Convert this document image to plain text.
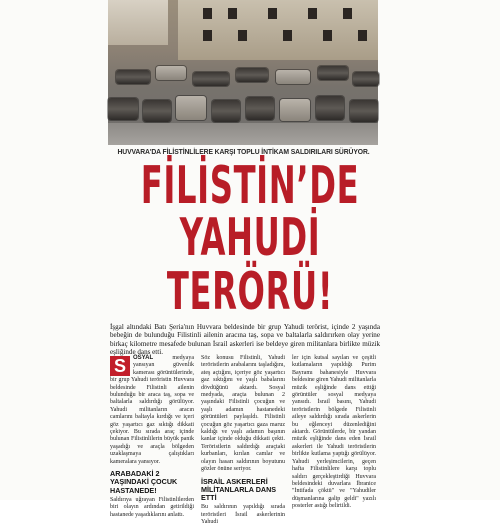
HUVVARA'DA FİLİSTİNLİLERE KARŞI TOPLU İNTİKAM SALDIRILARI SÜRÜYOR.
FİLİSTİN’DE
YAHUDİ
TERÖRÜ!

İşgal altındaki Batı Şeria'nın Huvvara beldesinde bir grup Yahudi terörist, içinde 2 yaşında bebeğin de bulunduğu Filistinli ailenin aracına taş, sopa ve baltalarla saldırırken olay yerine birkaç kilometre mesafede bulunan İsrail askerleri ise beldeye giren militanlara birlikte müzik eşliğinde dans etti.

S	OSYAL	medyaya yansıyan güvenlik kamerası görüntülerinde, bir grup Yahudi teröristin Huvvara beldesinde Filistinli ailenin bulunduğu bir araca taş, sopa ve baltalarla saldırdığı görülüyor. Yahudi militanların aracın camlarını baltayla kırdığı ve içeri göz yaşartıcı gaz sıktığı dikkati çekiyor. Bu sırada araç içinde bulunan Filistinlilerin büyük panik yaşadığı ve araçla bölgeden uzaklaşmaya çalıştıkları kameralara yansıyor.
ARABADAKİ 2 YAŞINDAKİ ÇOCUK HASTANEDE!

Saldırıya uğrayan Filistinlilerden biri olayın ardından getirildiği hastanede yaşadıklarını anlattı.

Söz konusu Filistinli, Yahudi teröristlerin arabalarını taşladığını, ateş açtığını, içeriye göz yaşartıcı gaz sıktığını ve yaşlı babalarını dövdüğünü aktardı. Sosyal medyada, araçta bulunan 2 yaşındaki Filistinli çocuğun ve yaşlı adamın hastanedeki görüntüleri paylaşıldı. Filistinli çocuğun göz yaşartıcı gaza maruz kaldığı ve yaşlı adamın başının kanlar içinde olduğu dikkati çekti. Teröristlerin saldırdığı araçtaki kurbanları, kırılan camlar ve olayın hasarı saldırının boyutunu gözler önüne seriyor.

İSRAİL ASKERLERİ MİLİTANLARLA DANS ETTİ

Bu saldırının yapıldığı sırada teröristleri İsrail askerlerinin Yahudi

ler için kutsal sayılan ve çeşitli kutlamaların yapıldığı Purim Bayramı bahanesiyle Huvvara beldesine giren Yahudi militanlarla müzik eşliğinde dans ettiği görüntüler sosyal medyaya yansıdı. İsrail basını, Yahudi teröristlerin bölgede Filistinli aileye saldırdığı sırada askerlerin bu eğlenceyi düzenlediğini aktardı. Görüntülerde, bir yandan müzik eşliğinde dans eden İsrail askerleri ile Yahudi teröristlerin birlikte kutlama yaptığı görülüyor. Yahudi yerleşimcilerin, geçen hafta Filistinlilere karşı toplu saldırı gerçekleştirdiği Huvvara beldesindeki duvarlara İbranice "İntifada çöktü" ve "Yahudiler düşmanlarına galip geldi" yazılı posterler astığı belirtildi.
